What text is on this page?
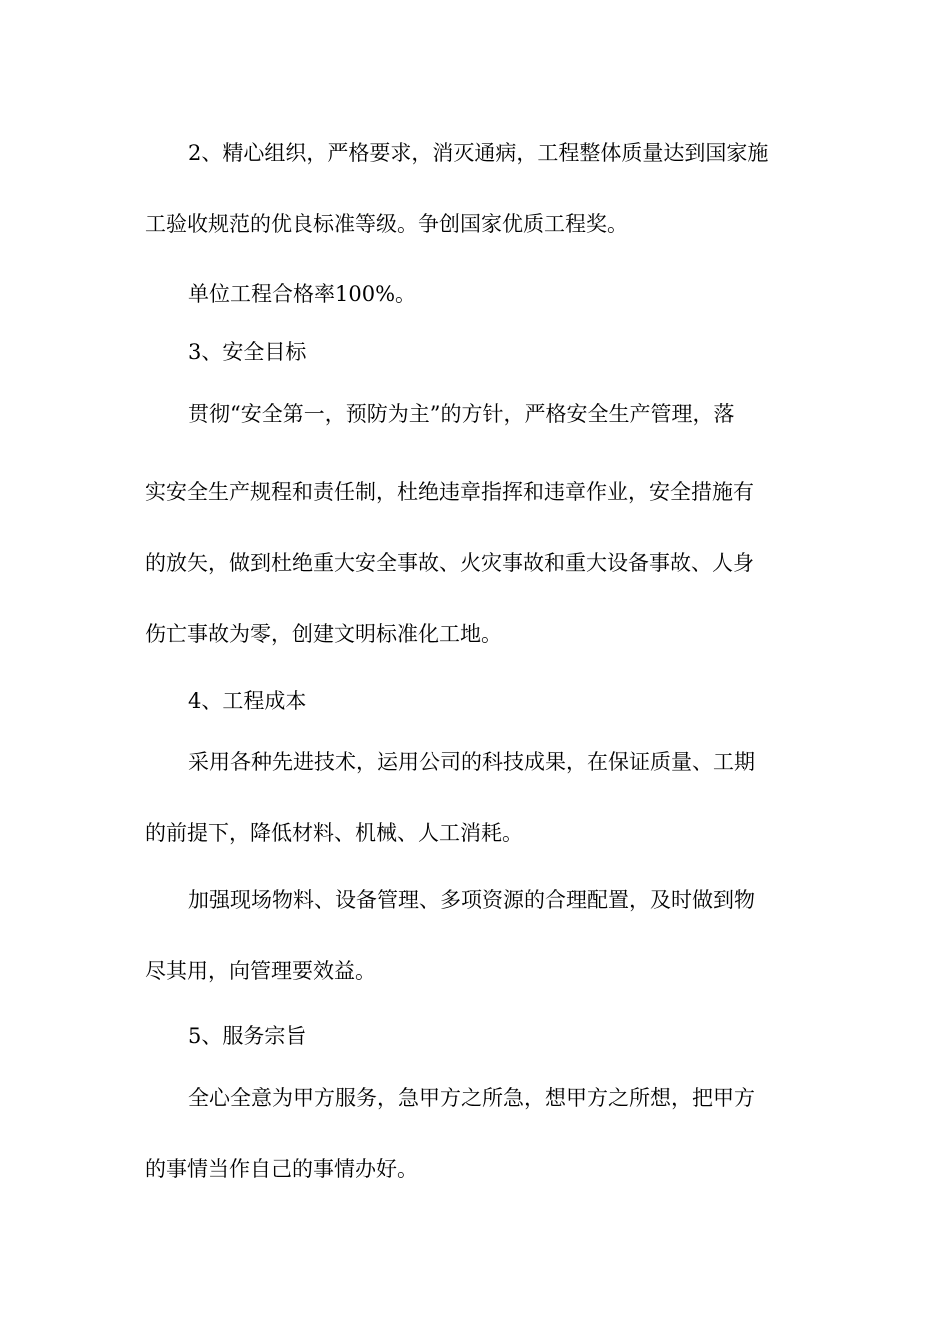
2、精心组织，严格要求，消灭通病，工程整体质量达到国家施

工验收规范的优良标准等级。争创国家优质工程奖。

单位工程合格率100%。

3、安全目标

贯彻“安全第一，预防为主”的方针，严格安全生产管理，落

实安全生产规程和责任制，杜绝违章指挥和违章作业，安全措施有

的放矢，做到杜绝重大安全事故、火灾事故和重大设备事故、人身

伤亡事故为零，创建文明标准化工地。

4、工程成本

采用各种先进技术，运用公司的科技成果，在保证质量、工期

的前提下，降低材料、机械、人工消耗。

加强现场物料、设备管理、多项资源的合理配置，及时做到物

尽其用，向管理要效益。

5、服务宗旨

全心全意为甲方服务，急甲方之所急，想甲方之所想，把甲方

的事情当作自己的事情办好。
